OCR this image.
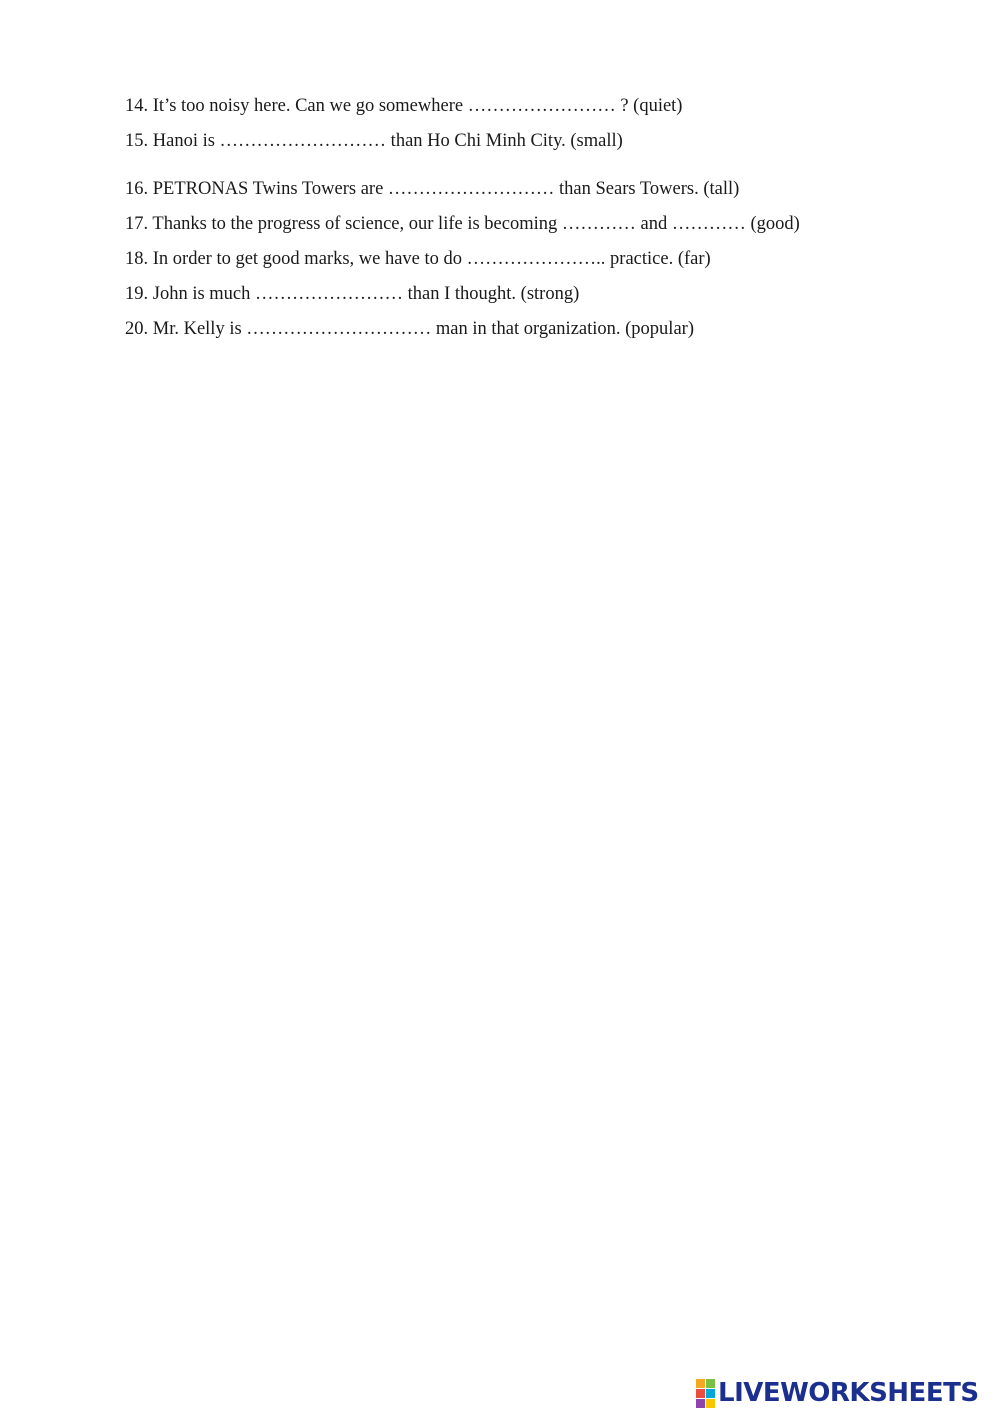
14. It’s too noisy here. Can we go somewhere …………………… ? (quiet)
15. Hanoi is ……………………… than Ho Chi Minh City. (small)
16. PETRONAS Twins Towers are ……………………… than Sears Towers. (tall)
17. Thanks to the progress of science, our life is becoming ………… and ………… (good)
18. In order to get good marks, we have to do ………………….. practice. (far)
19. John is much …………………… than I thought. (strong)
20. Mr. Kelly is ………………………… man in that organization. (popular)
LIVEWORKSHEETS
